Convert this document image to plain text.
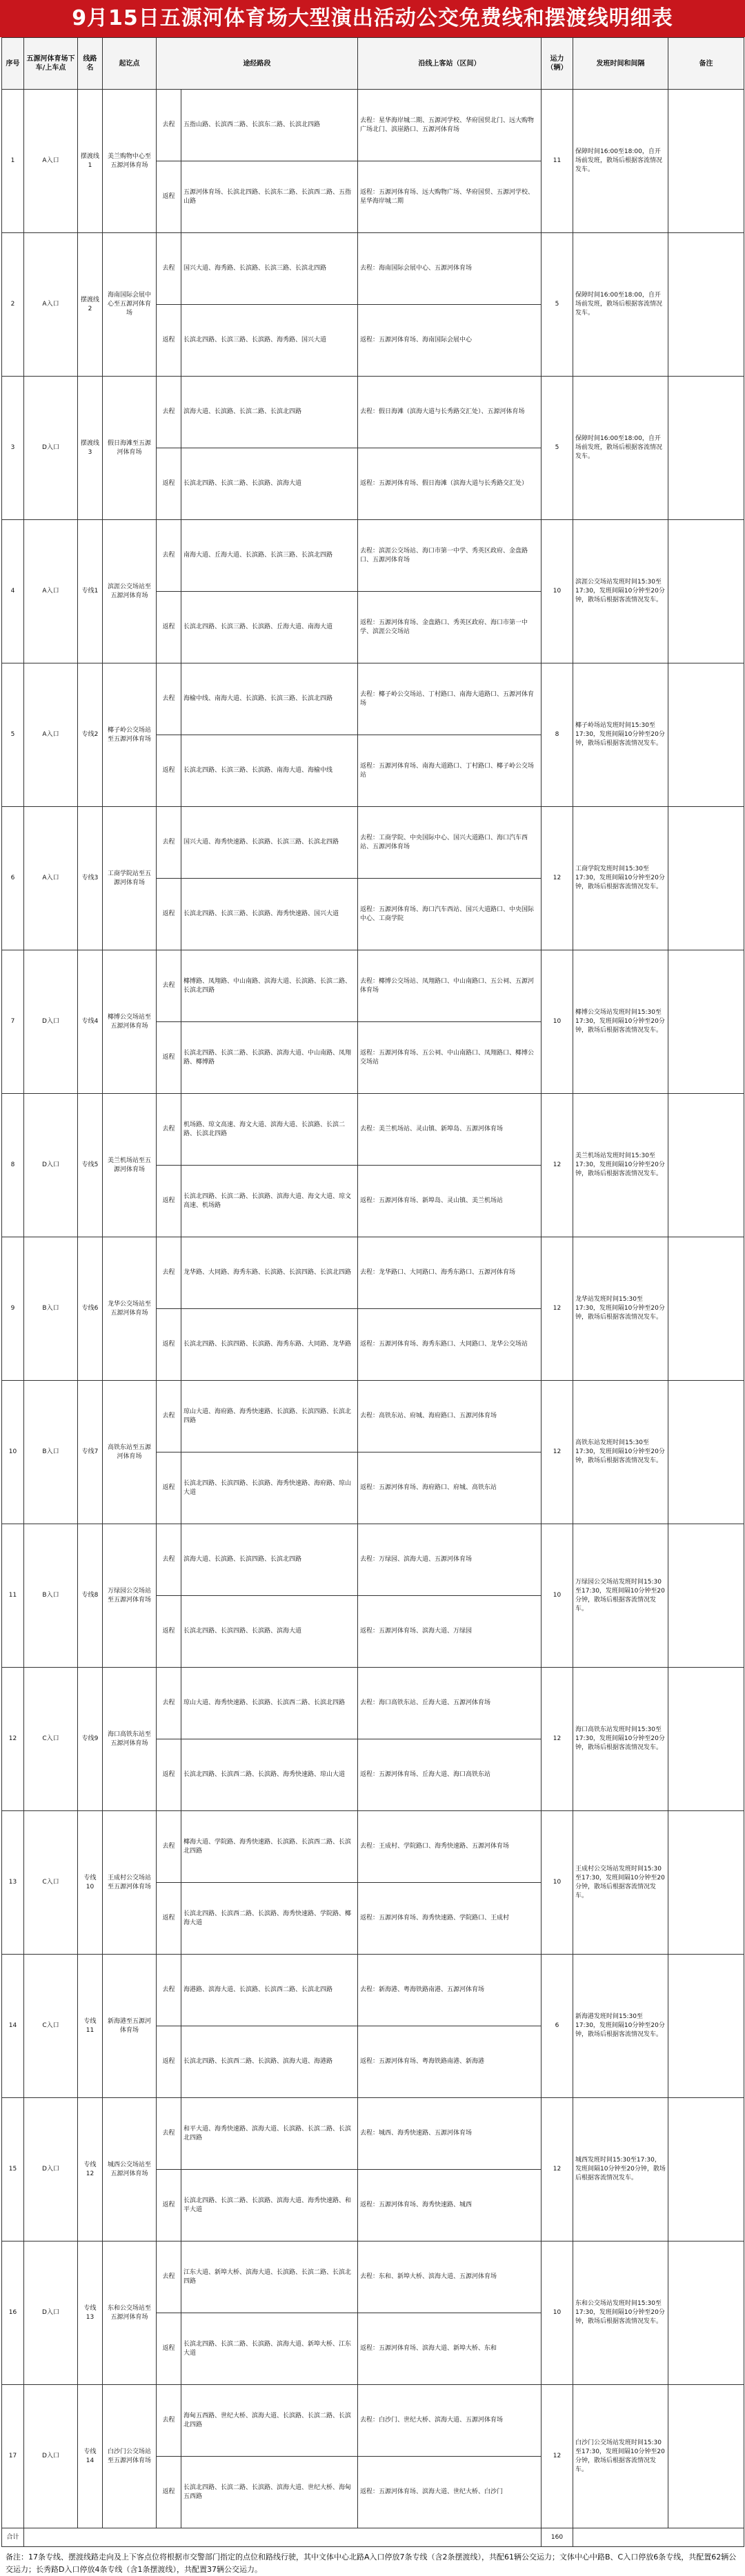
9月15日五源河体育场大型演出活动公交免费线和摆渡线明细表
序号	五源河体育场下车/上车点	线路名	起讫点	途经路段		沿线上客站（区间）	运力（辆）	发班时间和间隔	备注
1	A入口	摆渡线1	美兰购物中心至五源河体育场	去程	五指山路、长滨西二路、长滨东二路、长滨北四路	去程：星华海岸城二期、五源河学校、华府国贸北门、远大购物广场北门、滨崖路口、五源河体育场	11	保障时间16:00至18:00，自开场前发班，散场后根据客流情况发车。	
				返程	五源河体育场、长滨北四路、长滨东二路、长滨西二路、五指山路	返程：五源河体育场、远大购物广场、华府国贸、五源河学校、星华海岸城二期			
2	A入口	摆渡线2	海南国际会展中心至五源河体育场	去程	国兴大道、海秀路、长滨路、长滨三路、长滨北四路	去程：海南国际会展中心、五源河体育场	5	保障时间16:00至18:00，自开场前发班，散场后根据客流情况发车。	
				返程	长滨北四路、长滨三路、长滨路、海秀路、国兴大道	返程：五源河体育场、海南国际会展中心			
3	D入口	摆渡线3	假日海滩至五源河体育场	去程	滨海大道、长滨路、长滨二路、长滨北四路	去程：假日海滩（滨海大道与长秀路交汇处）、五源河体育场	5	保障时间16:00至18:00，自开场前发班，散场后根据客流情况发车。	
				返程	长滨北四路、长滨二路、长滨路、滨海大道	返程：五源河体育场、假日海滩（滨海大道与长秀路交汇处）			
4	A入口	专线1	滨涯公交场站至五源河体育场	去程	南海大道、丘海大道、长滨路、长滨三路、长滨北四路	去程：滨涯公交场站、海口市第一中学、秀英区政府、金盘路口、五源河体育场	10	滨涯公交场站发班时间15:30至17:30，发班间隔10分钟至20分钟，散场后根据客流情况发车。	
				返程	长滨北四路、长滨三路、长滨路、丘海大道、南海大道	返程：五源河体育场、金盘路口、秀英区政府、海口市第一中学、滨涯公交场站			
5	A入口	专线2	椰子岭公交场站至五源河体育场	去程	海榆中线、南海大道、长滨路、长滨三路、长滨北四路	去程：椰子岭公交场站、丁村路口、南海大道路口、五源河体育场	8	椰子岭场站发班时间15:30至17:30，发班间隔10分钟至20分钟，散场后根据客流情况发车。	
				返程	长滨北四路、长滨三路、长滨路、南海大道、海榆中线	返程：五源河体育场、南海大道路口、丁村路口、椰子岭公交场站			
6	A入口	专线3	工商学院站至五源河体育场	去程	国兴大道、海秀快速路、长滨路、长滨三路、长滨北四路	去程：工商学院、中央国际中心、国兴大道路口、海口汽车西站、五源河体育场	12	工商学院发班时间15:30至17:30，发班间隔10分钟至20分钟，散场后根据客流情况发车。	
				返程	长滨北四路、长滨三路、长滨路、海秀快速路、国兴大道	返程：五源河体育场、海口汽车西站、国兴大道路口、中央国际中心、工商学院			
7	D入口	专线4	椰博公交场站至五源河体育场	去程	椰博路、凤翔路、中山南路、滨海大道、长滨路、长滨二路、长滨北四路	去程：椰博公交场站、凤翔路口、中山南路口、五公祠、五源河体育场	10	椰博公交场站发班时间15:30至17:30，发班间隔10分钟至20分钟，散场后根据客流情况发车。	
				返程	长滨北四路、长滨二路、长滨路、滨海大道、中山南路、凤翔路、椰博路	返程：五源河体育场、五公祠、中山南路口、凤翔路口、椰博公交场站			
8	D入口	专线5	美兰机场站至五源河体育场	去程	机场路、琼文高速、海文大道、滨海大道、长滨路、长滨二路、长滨北四路	去程：美兰机场站、灵山镇、新埠岛、五源河体育场	12	美兰机场站发班时间15:30至17:30，发班间隔10分钟至20分钟，散场后根据客流情况发车。	
				返程	长滨北四路、长滨二路、长滨路、滨海大道、海文大道、琼文高速、机场路	返程：五源河体育场、新埠岛、灵山镇、美兰机场站			
9	B入口	专线6	龙华公交场站至五源河体育场	去程	龙华路、大同路、海秀东路、长滨路、长滨四路、长滨北四路	去程：龙华路口、大同路口、海秀东路口、五源河体育场	12	龙华站发班时间15:30至17:30，发班间隔10分钟至20分钟，散场后根据客流情况发车。	
				返程	长滨北四路、长滨四路、长滨路、海秀东路、大同路、龙华路	返程：五源河体育场、海秀东路口、大同路口、龙华公交场站			
10	B入口	专线7	高铁东站至五源河体育场	去程	琼山大道、海府路、海秀快速路、长滨路、长滨四路、长滨北四路	去程：高铁东站、府城、海府路口、五源河体育场	12	高铁东站发班时间15:30至17:30，发班间隔10分钟至20分钟，散场后根据客流情况发车。	
				返程	长滨北四路、长滨四路、长滨路、海秀快速路、海府路、琼山大道	返程：五源河体育场、海府路口、府城、高铁东站			
11	B入口	专线8	万绿园公交场站至五源河体育场	去程	滨海大道、长滨路、长滨四路、长滨北四路	去程：万绿园、滨海大道、五源河体育场	10	万绿园公交场站发班时间15:30至17:30，发班间隔10分钟至20分钟，散场后根据客流情况发车。	
				返程	长滨北四路、长滨四路、长滨路、滨海大道	返程：五源河体育场、滨海大道、万绿园			
12	C入口	专线9	海口高铁东站至五源河体育场	去程	琼山大道、海秀快速路、长滨路、长滨西二路、长滨北四路	去程：海口高铁东站、丘海大道、五源河体育场	12	海口高铁东站发班时间15:30至17:30，发班间隔10分钟至20分钟，散场后根据客流情况发车。	
				返程	长滨北四路、长滨西二路、长滨路、海秀快速路、琼山大道	返程：五源河体育场、丘海大道、海口高铁东站			
13	C入口	专线10	王成村公交场站至五源河体育场	去程	椰海大道、学院路、海秀快速路、长滨路、长滨西二路、长滨北四路	去程：王成村、学院路口、海秀快速路、五源河体育场	10	王成村公交场站发班时间15:30至17:30，发班间隔10分钟至20分钟，散场后根据客流情况发车。	
				返程	长滨北四路、长滨西二路、长滨路、海秀快速路、学院路、椰海大道	返程：五源河体育场、海秀快速路、学院路口、王成村			
14	C入口	专线11	新海港至五源河体育场	去程	海港路、滨海大道、长滨路、长滨西二路、长滨北四路	去程：新海港、粤海铁路南港、五源河体育场	6	新海港发班时间15:30至17:30，发班间隔10分钟至20分钟，散场后根据客流情况发车。	
				返程	长滨北四路、长滨西二路、长滨路、滨海大道、海港路	返程：五源河体育场、粤海铁路南港、新海港			
15	D入口	专线12	城西公交场站至五源河体育场	去程	和平大道、海秀快速路、滨海大道、长滨路、长滨二路、长滨北四路	去程：城西、海秀快速路、五源河体育场	12	城西发班时间15:30至17:30，发班间隔10分钟至20分钟，散场后根据客流情况发车。	
				返程	长滨北四路、长滨二路、长滨路、滨海大道、海秀快速路、和平大道	返程：五源河体育场、海秀快速路、城西			
16	D入口	专线13	东和公交场站至五源河体育场	去程	江东大道、新埠大桥、滨海大道、长滨路、长滨二路、长滨北四路	去程：东和、新埠大桥、滨海大道、五源河体育场	10	东和公交场站发班时间15:30至17:30，发班间隔10分钟至20分钟，散场后根据客流情况发车。	
				返程	长滨北四路、长滨二路、长滨路、滨海大道、新埠大桥、江东大道	返程：五源河体育场、滨海大道、新埠大桥、东和			
17	D入口	专线14	白沙门公交场站至五源河体育场	去程	海甸五西路、世纪大桥、滨海大道、长滨路、长滨二路、长滨北四路	去程：白沙门、世纪大桥、滨海大道、五源河体育场	12	白沙门公交场站发班时间15:30至17:30，发班间隔10分钟至20分钟，散场后根据客流情况发车。	
				返程	长滨北四路、长滨二路、长滨路、滨海大道、世纪大桥、海甸五西路	返程：五源河体育场、滨海大道、世纪大桥、白沙门			
合计							160		
备注：17条专线、摆渡线路走向及上下客点位将根据市交警部门指定的点位和路线行驶，其中文体中心北路A入口停放7条专线（含2条摆渡线），共配61辆公交运力；文体中心中路B、C入口停放6条专线，共配置62辆公交运力；长秀路D入口停放4条专线（含1条摆渡线），共配置37辆公交运力。
